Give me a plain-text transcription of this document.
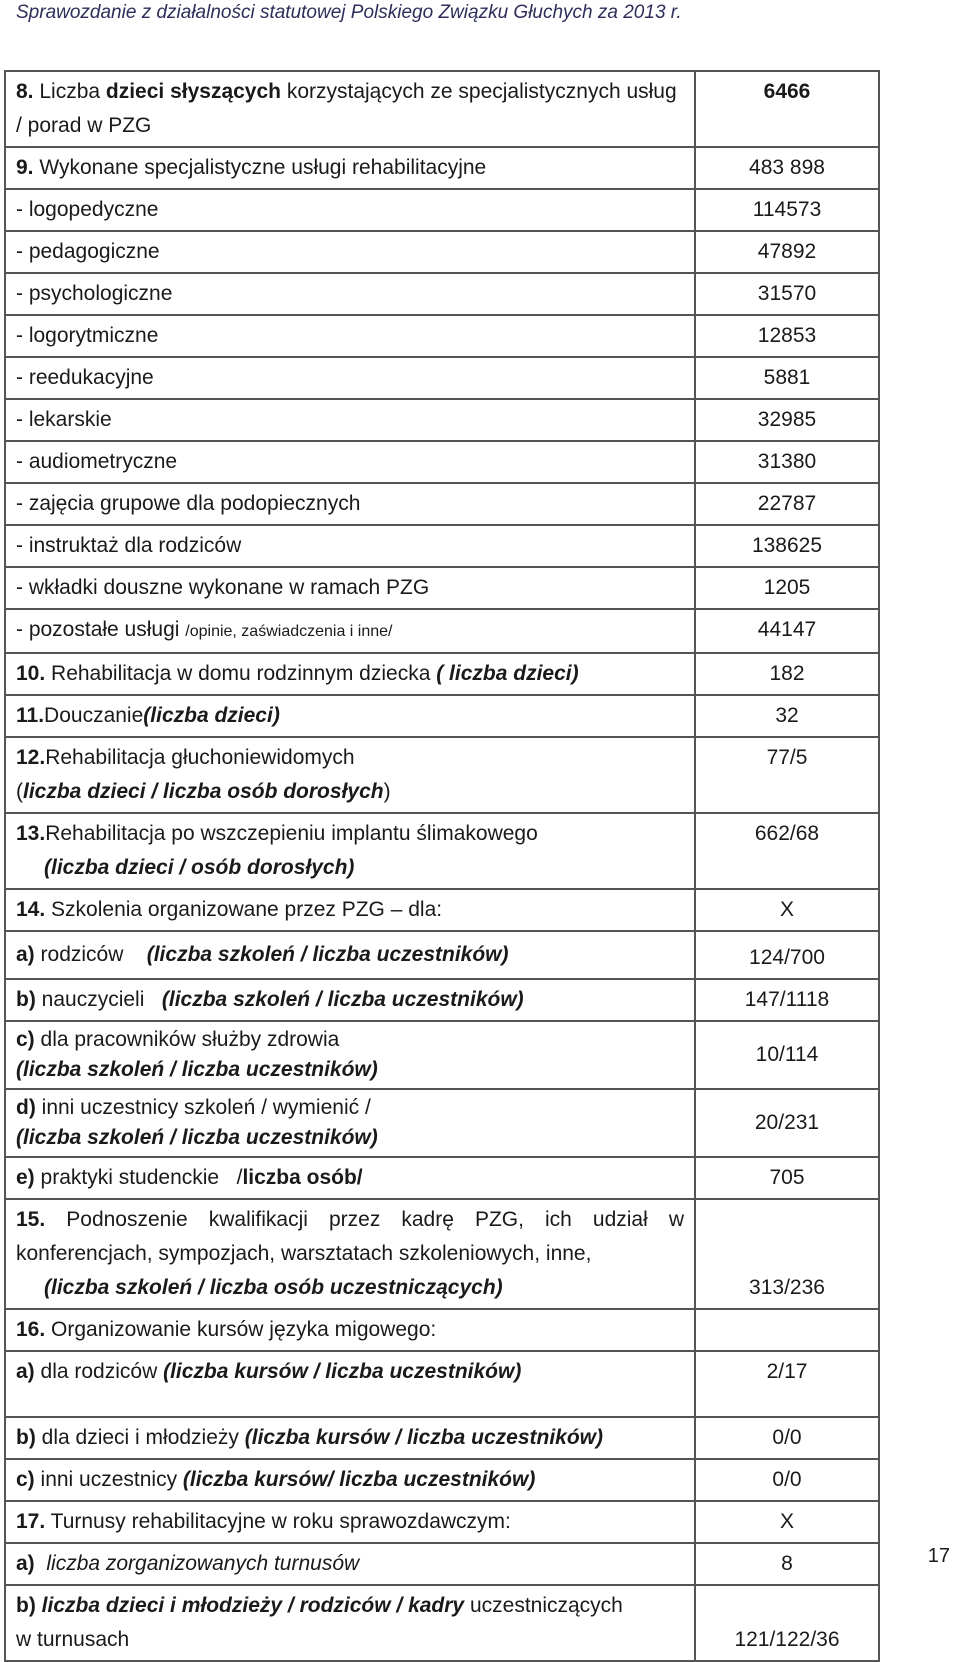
Sprawozdanie z działalności statutowej Polskiego Związku Głuchych za 2013 r.
8. Liczba dzieci słyszących korzystających ze specjalistycznych usług / porad w PZG	6466
9. Wykonane specjalistyczne usługi rehabilitacyjne	483 898
- logopedyczne	114573
- pedagogiczne	47892
- psychologiczne	31570
- logorytmiczne	12853
- reedukacyjne	5881
- lekarskie	32985
- audiometryczne	31380
- zajęcia grupowe dla podopiecznych	22787
- instruktaż dla rodziców	138625
- wkładki douszne wykonane w ramach PZG	1205
- pozostałe usługi /opinie, zaświadczenia i inne/	44147
10. Rehabilitacja w domu rodzinnym dziecka ( liczba dzieci)	182
11.Douczanie(liczba dzieci)	32
12.Rehabilitacja głuchoniewidomych
(liczba dzieci / liczba osób dorosłych)	77/5
13.Rehabilitacja po wszczepieniu implantu ślimakowego
(liczba dzieci / osób dorosłych)	662/68
14. Szkolenia organizowane przez PZG – dla:	X
a) rodziców    (liczba szkoleń / liczba uczestników)	124/700
b) nauczycieli   (liczba szkoleń / liczba uczestników)	147/1118
c) dla pracowników służby zdrowia
(liczba szkoleń / liczba uczestników)	10/114
d) inni uczestnicy szkoleń / wymienić /
(liczba szkoleń / liczba uczestników)	20/231
e) praktyki studenckie   /liczba osób/	705

15. Podnoszenie kwalifikacji przez kadrę PZG, ich udział w
konferencjach, sympozjach, warsztatach szkoleniowych, inne,
(liczba szkoleń / liczba osób uczestniczących)	313/236
16. Organizowanie kursów języka migowego:	
a) dla rodziców (liczba kursów / liczba uczestników)	2/17
b) dla dzieci i młodzieży (liczba kursów / liczba uczestników)	0/0
c) inni uczestnicy (liczba kursów/ liczba uczestników)	0/0
17. Turnusy rehabilitacyjne w roku sprawozdawczym:	X
a)  liczba zorganizowanych turnusów	8
b) liczba dzieci i młodzieży / rodziców / kadry uczestniczących
w turnusach	121/122/36
17
